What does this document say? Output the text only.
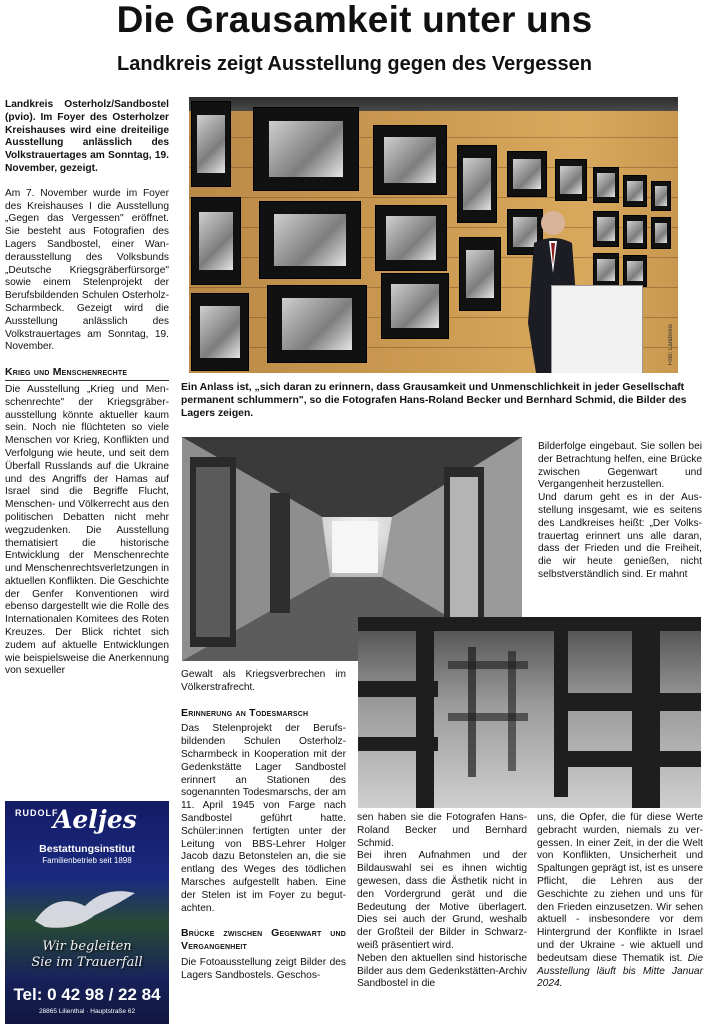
Die Grausamkeit unter uns
Landkreis zeigt Ausstellung gegen des Vergessen

Landkreis Osterholz/Sandbostel (pvio). Im Foyer des Osterholzer Kreishauses wird eine dreiteilige Ausstellung anlässlich des Volkstrauertages am Sonntag, 19. November, gezeigt.

Am 7. November wurde im Foyer des Kreishauses I die Ausstellung „Gegen das Vergessen" eröffnet. Sie besteht aus Fotografien des Lagers Sandbostel, einer Wanderausstellung des Volksbunds „Deutsche Kriegsgräberfürsorge" sowie einem Stelenprojekt der Berufsbildenden Schulen Osterholz-Scharmbeck. Gezeigt wird die Ausstellung anlässlich des Volkstrauertages am Sonntag, 19. November.

Krieg und Menschenrechte

Die Ausstellung „Krieg und Menschenrechte" der Kriegsgräberausstellung könnte aktueller kaum sein. Noch nie flüchteten so viele Menschen vor Krieg, Konflikten und Verfolgung wie heute, und seit dem Überfall Russlands auf die Ukraine und des Angriffs der Hamas auf Israel sind die Begriffe Flucht, Menschen- und Völkerrecht aus den politischen Debatten nicht mehr wegzudenken. Die Ausstellung thematisiert die historische Entwicklung der Menschenrechte und Menschenrechtsverletzungen in aktuellen Konflikten. Die Geschichte der Genfer Konventionen wird ebenso dargestellt wie die Rolle des Internationalen Komitees des Roten Kreuzes. Der Blick richtet sich zudem auf aktuelle Entwicklungen wie beispielsweise die Anerkennung von sexueller

Foto: Landkreis
Ein Anlass ist, „sich daran zu erinnern, dass Grausamkeit und Unmenschlichkeit in jeder Gesellschaft permanent schlummern", so die Fotografen Hans-Roland Becker und Bernhard Schmid, die Bilder des Lagers zeigen.

Bilderfolge eingebaut. Sie sollen bei der Betrachtung helfen, eine Brücke zwischen Gegenwart und Vergangenheit herzustellen.

Und darum geht es in der Ausstellung insgesamt, wie es seitens des Landkreises heißt: „Der Volkstrauertag erinnert uns alle daran, dass der Frieden und die Freiheit, die wir heute genießen, nicht selbstverständlich sind. Er mahnt

Gewalt als Kriegsverbrechen im Völkerstrafrecht.

Erinnerung an Todesmarsch

Das Stelenprojekt der Berufsbildenden Schulen Osterholz-Scharmbeck in Kooperation mit der Gedenkstätte Lager Sandbostel erinnert an Stationen des sogenannten Todesmarschs, der am 11. April 1945 von Farge nach Sandbostel geführt hatte. Schüler:innen fertigten unter der Leitung von BBS-Lehrer Holger Jacob dazu Betonstelen an, die sie entlang des Weges des tödlichen Marsches aufgestellt haben. Eine der Stelen ist im Foyer zu begutachten.

Brücke zwischen Gegenwart und Vergangenheit

Die Fotoausstellung zeigt Bilder des Lagers Sandbostels. Geschos-

sen haben sie die Fotografen Hans-Roland Becker und Bernhard Schmid.

Bei ihren Aufnahmen und der Bildauswahl sei es ihnen wichtig gewesen, dass die Ästhetik nicht in den Vordergrund gerät und die Bedeutung der Motive überlagert. Dies sei auch der Grund, weshalb der Großteil der Bilder in Schwarzweiß präsentiert wird.

Neben den aktuellen sind historische Bilder aus dem Gedenkstätten-Archiv Sandbostel in die

uns, die Opfer, die für diese Werte gebracht wurden, niemals zu vergessen. In einer Zeit, in der die Welt von Konflikten, Unsicherheit und Spaltungen geprägt ist, ist es unsere Pflicht, die Lehren aus der Geschichte zu ziehen und uns für den Frieden einzusetzen. Wir sehen aktuell - insbesondere vor dem Hintergrund der Konflikte in Israel und der Ukraine - wie aktuell und bedeutsam diese Thematik ist. Die Ausstellung läuft bis Mitte Januar 2024.

RUDOLF
Aeljes
Bestattungsinstitut
Familienbetrieb seit 1898
Wir begleiten
Sie im Trauerfall
Tel: 0 42 98 / 22 84
28865 Lilienthal · Hauptstraße 62
